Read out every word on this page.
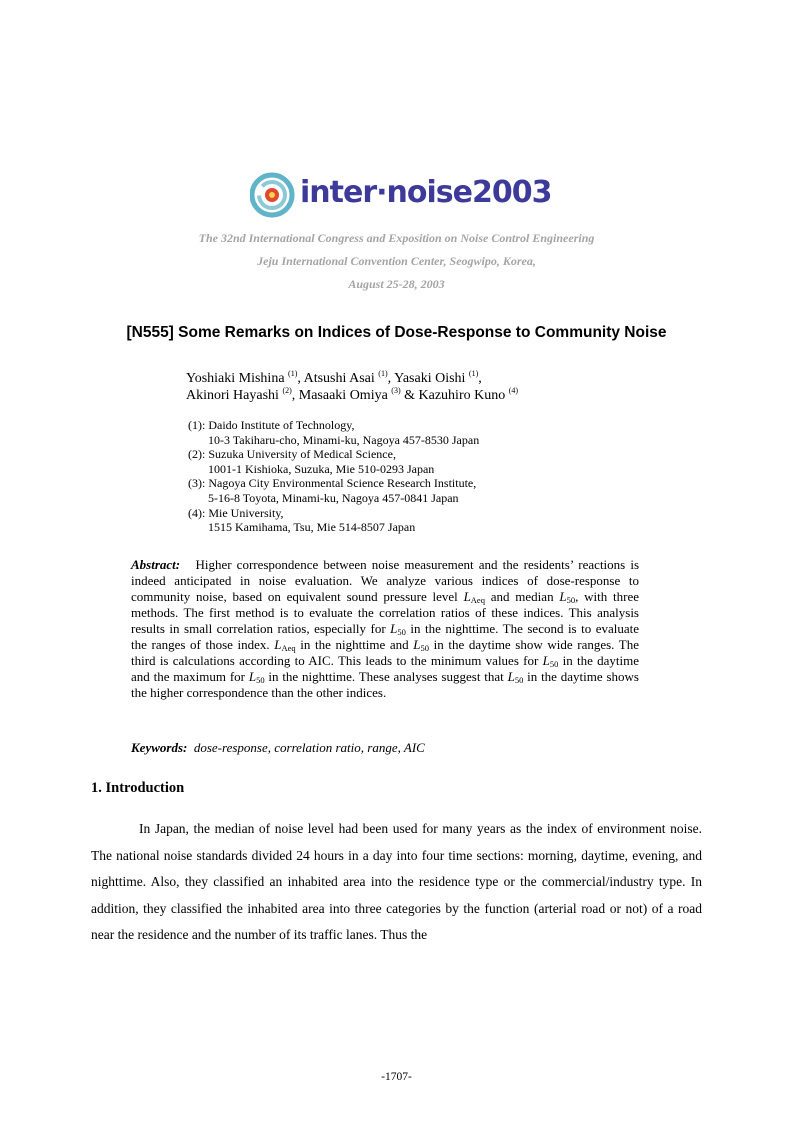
inter·noise2003
The 32nd International Congress and Exposition on Noise Control Engineering
Jeju International Convention Center, Seogwipo, Korea,
August 25-28, 2003
[N555] Some Remarks on Indices of Dose-Response to Community Noise
Yoshiaki Mishina $^{(1)}$, Atsushi Asai $^{(1)}$, Yasaki Oishi $^{(1)}$,
Akinori Hayashi $^{(2)}$, Masaaki Omiya $^{(3)}$ & Kazuhiro Kuno $^{(4)}$
(1): Daido Institute of Technology,
10-3 Takiharu-cho, Minami-ku, Nagoya 457-8530 Japan
(2): Suzuka University of Medical Science,
1001-1 Kishioka, Suzuka, Mie 510-0293 Japan
(3): Nagoya City Environmental Science Research Institute,
5-16-8 Toyota, Minami-ku, Nagoya 457-0841 Japan
(4): Mie University,
1515 Kamihama, Tsu, Mie 514-8507 Japan
Abstract: Higher correspondence between noise measurement and the residents’ reactions is indeed anticipated in noise evaluation. We analyze various indices of dose-response to community noise, based on equivalent sound pressure level $L_{Aeq}$ and median $L_{50}$, with three methods. The first method is to evaluate the correlation ratios of these indices. This analysis results in small correlation ratios, especially for $L_{50}$ in the nighttime. The second is to evaluate the ranges of those index. $L_{Aeq}$ in the nighttime and $L_{50}$ in the daytime show wide ranges. The third is calculations according to AIC. This leads to the minimum values for $L_{50}$ in the daytime and the maximum for $L_{50}$ in the nighttime. These analyses suggest that $L_{50}$ in the daytime shows the higher correspondence than the other indices.
Keywords: dose-response, correlation ratio, range, AIC
1. Introduction
In Japan, the median of noise level had been used for many years as the index of environment noise. The national noise standards divided 24 hours in a day into four time sections: morning, daytime, evening, and nighttime. Also, they classified an inhabited area into the residence type or the commercial/industry type. In addition, they classified the inhabited area into three categories by the function (arterial road or not) of a road near the residence and the number of its traffic lanes. Thus the
-1707-
